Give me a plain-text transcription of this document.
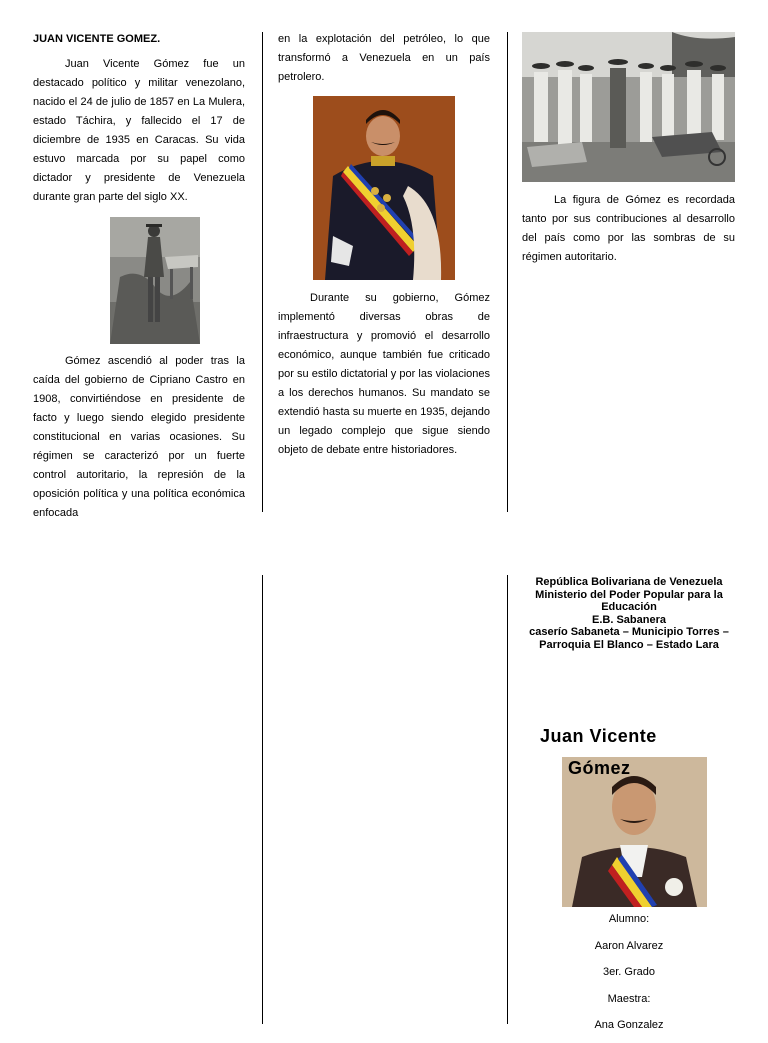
JUAN VICENTE GOMEZ.

Juan Vicente Gómez fue un destacado político y militar venezolano, nacido el 24 de julio de 1857 en La Mulera, estado Táchira, y fallecido el 17 de diciembre de 1935 en Caracas. Su vida estuvo marcada por su papel como dictador y presidente de Venezuela durante gran parte del siglo XX.

Gómez ascendió al poder tras la caída del gobierno de Cipriano Castro en 1908, convirtiéndose en presidente de facto y luego siendo elegido presidente constitucional en varias ocasiones. Su régimen se caracterizó por un fuerte control autoritario, la represión de la oposición política y una política económica enfocada

en la explotación del petróleo, lo que transformó a Venezuela en un país petrolero.

Durante su gobierno, Gómez implementó diversas obras de infraestructura y promovió el desarrollo económico, aunque también fue criticado por su estilo dictatorial y por las violaciones a los derechos humanos. Su mandato se extendió hasta su muerte en 1935, dejando un legado complejo que sigue siendo objeto de debate entre historiadores.

La figura de Gómez es recordada tanto por sus contribuciones al desarrollo del país como por las sombras de su régimen autoritario.

República Bolivariana de Venezuela
Ministerio del Poder Popular para la Educación
E.B. Sabanera
caserío Sabaneta – Municipio Torres – Parroquia El Blanco – Estado Lara
Juan Vicente
Gómez
Alumno:
Aaron Alvarez
3er. Grado
Maestra:
Ana Gonzalez
